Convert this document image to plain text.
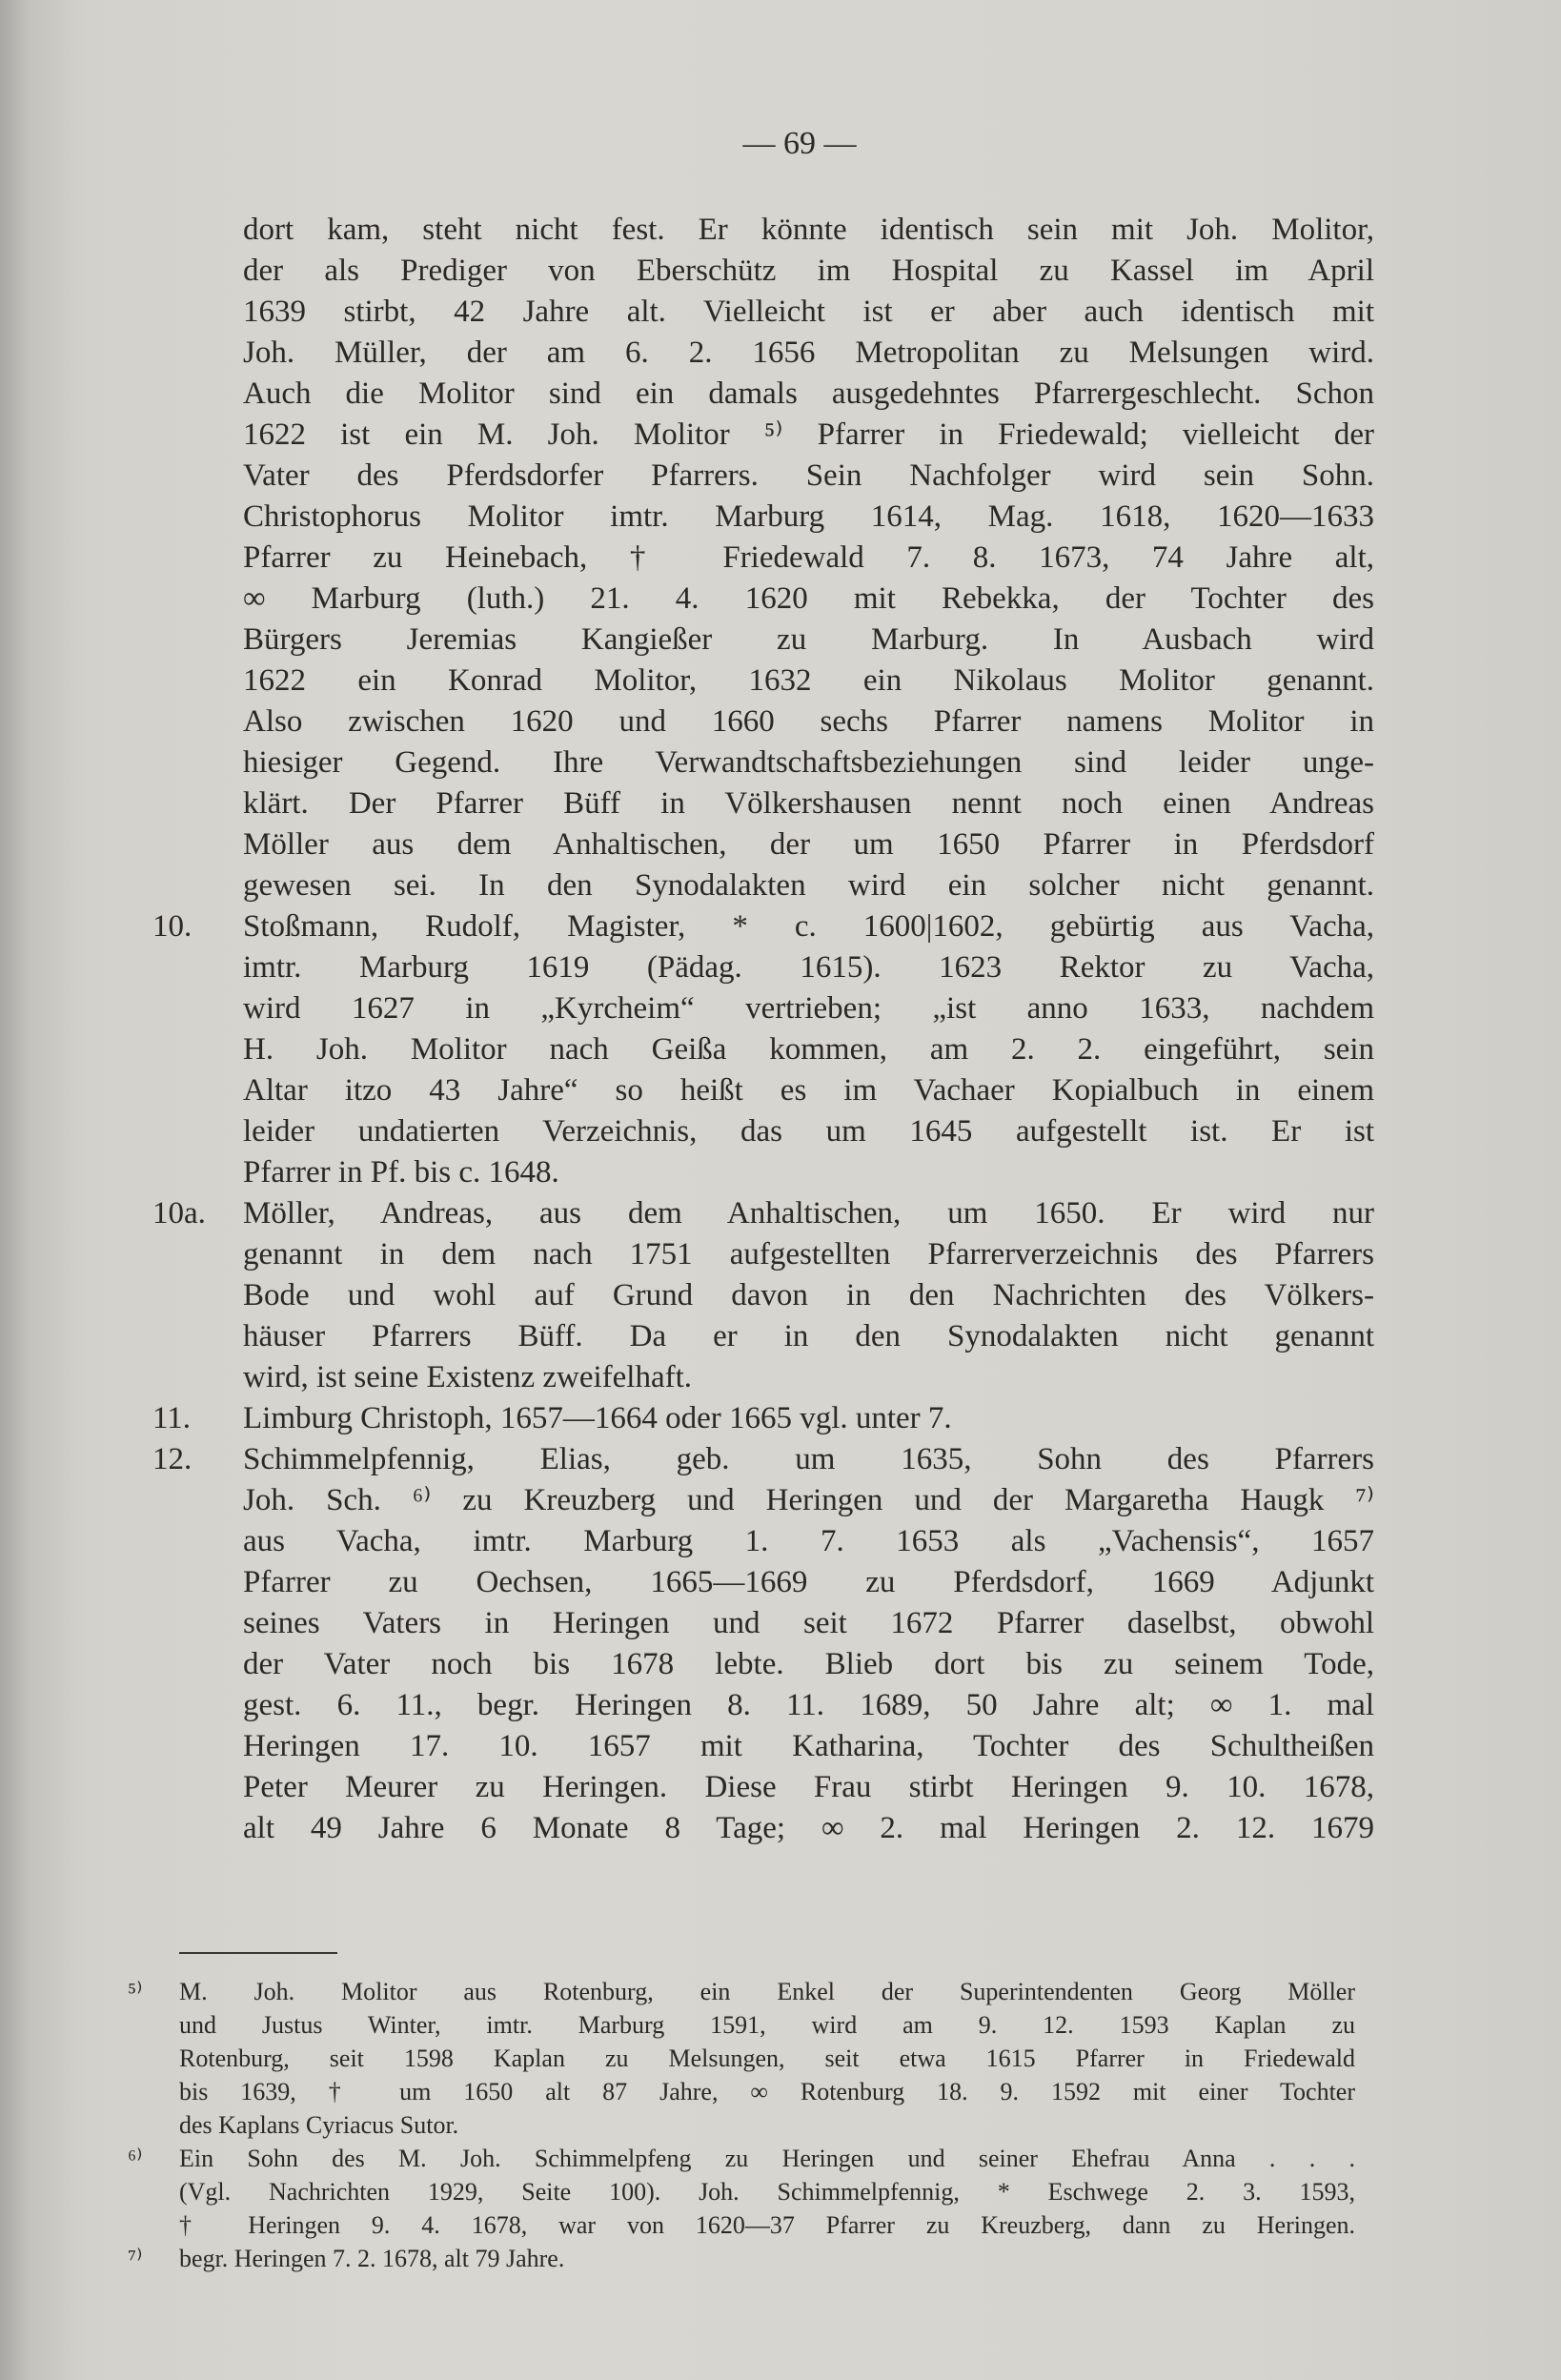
— 69 —
dort kam, steht nicht fest. Er könnte identisch sein mit Joh. Molitor,
der als Prediger von Eberschütz im Hospital zu Kassel im April
1639 stirbt, 42 Jahre alt. Vielleicht ist er aber auch identisch mit
Joh. Müller, der am 6. 2. 1656 Metropolitan zu Melsungen wird.
Auch die Molitor sind ein damals ausgedehntes Pfarrergeschlecht. Schon
1622 ist ein M. Joh. Molitor ⁵⁾ Pfarrer in Friedewald; vielleicht der
Vater des Pferdsdorfer Pfarrers. Sein Nachfolger wird sein Sohn.
Christophorus Molitor imtr. Marburg 1614, Mag. 1618, 1620—1633
Pfarrer zu Heinebach, † Friedewald 7. 8. 1673, 74 Jahre alt,
∞ Marburg (luth.) 21. 4. 1620 mit Rebekka, der Tochter des
Bürgers Jeremias Kangießer zu Marburg. In Ausbach wird
1622 ein Konrad Molitor, 1632 ein Nikolaus Molitor genannt.
Also zwischen 1620 und 1660 sechs Pfarrer namens Molitor in
hiesiger Gegend. Ihre Verwandtschaftsbeziehungen sind leider unge-
klärt. Der Pfarrer Büff in Völkershausen nennt noch einen Andreas
Möller aus dem Anhaltischen, der um 1650 Pfarrer in Pferdsdorf
gewesen sei. In den Synodalakten wird ein solcher nicht genannt.
10. Stoßmann, Rudolf, Magister, * c. 1600|1602, gebürtig aus Vacha,
imtr. Marburg 1619 (Pädag. 1615). 1623 Rektor zu Vacha,
wird 1627 in „Kyrcheim“ vertrieben; „ist anno 1633, nachdem
H. Joh. Molitor nach Geißa kommen, am 2. 2. eingeführt, sein
Altar itzo 43 Jahre“ so heißt es im Vachaer Kopialbuch in einem
leider undatierten Verzeichnis, das um 1645 aufgestellt ist. Er ist
Pfarrer in Pf. bis c. 1648.
10a. Möller, Andreas, aus dem Anhaltischen, um 1650. Er wird nur
genannt in dem nach 1751 aufgestellten Pfarrerverzeichnis des Pfarrers
Bode und wohl auf Grund davon in den Nachrichten des Völkers-
häuser Pfarrers Büff. Da er in den Synodalakten nicht genannt
wird, ist seine Existenz zweifelhaft.
11. Limburg Christoph, 1657—1664 oder 1665 vgl. unter 7.
12. Schimmelpfennig, Elias, geb. um 1635, Sohn des Pfarrers
Joh. Sch. ⁶⁾ zu Kreuzberg und Heringen und der Margaretha Haugk ⁷⁾
aus Vacha, imtr. Marburg 1. 7. 1653 als „Vachensis“, 1657
Pfarrer zu Oechsen, 1665—1669 zu Pferdsdorf, 1669 Adjunkt
seines Vaters in Heringen und seit 1672 Pfarrer daselbst, obwohl
der Vater noch bis 1678 lebte. Blieb dort bis zu seinem Tode,
gest. 6. 11., begr. Heringen 8. 11. 1689, 50 Jahre alt; ∞ 1. mal
Heringen 17. 10. 1657 mit Katharina, Tochter des Schultheißen
Peter Meurer zu Heringen. Diese Frau stirbt Heringen 9. 10. 1678,
alt 49 Jahre 6 Monate 8 Tage; ∞ 2. mal Heringen 2. 12. 1679
⁵⁾ M. Joh. Molitor aus Rotenburg, ein Enkel der Superintendenten Georg Möller
und Justus Winter, imtr. Marburg 1591, wird am 9. 12. 1593 Kaplan zu
Rotenburg, seit 1598 Kaplan zu Melsungen, seit etwa 1615 Pfarrer in Friedewald
bis 1639, † um 1650 alt 87 Jahre, ∞ Rotenburg 18. 9. 1592 mit einer Tochter
des Kaplans Cyriacus Sutor.
⁶⁾ Ein Sohn des M. Joh. Schimmelpfeng zu Heringen und seiner Ehefrau Anna . . .
(Vgl. Nachrichten 1929, Seite 100). Joh. Schimmelpfennig, * Eschwege 2. 3. 1593,
† Heringen 9. 4. 1678, war von 1620—37 Pfarrer zu Kreuzberg, dann zu Heringen.
⁷⁾ begr. Heringen 7. 2. 1678, alt 79 Jahre.
